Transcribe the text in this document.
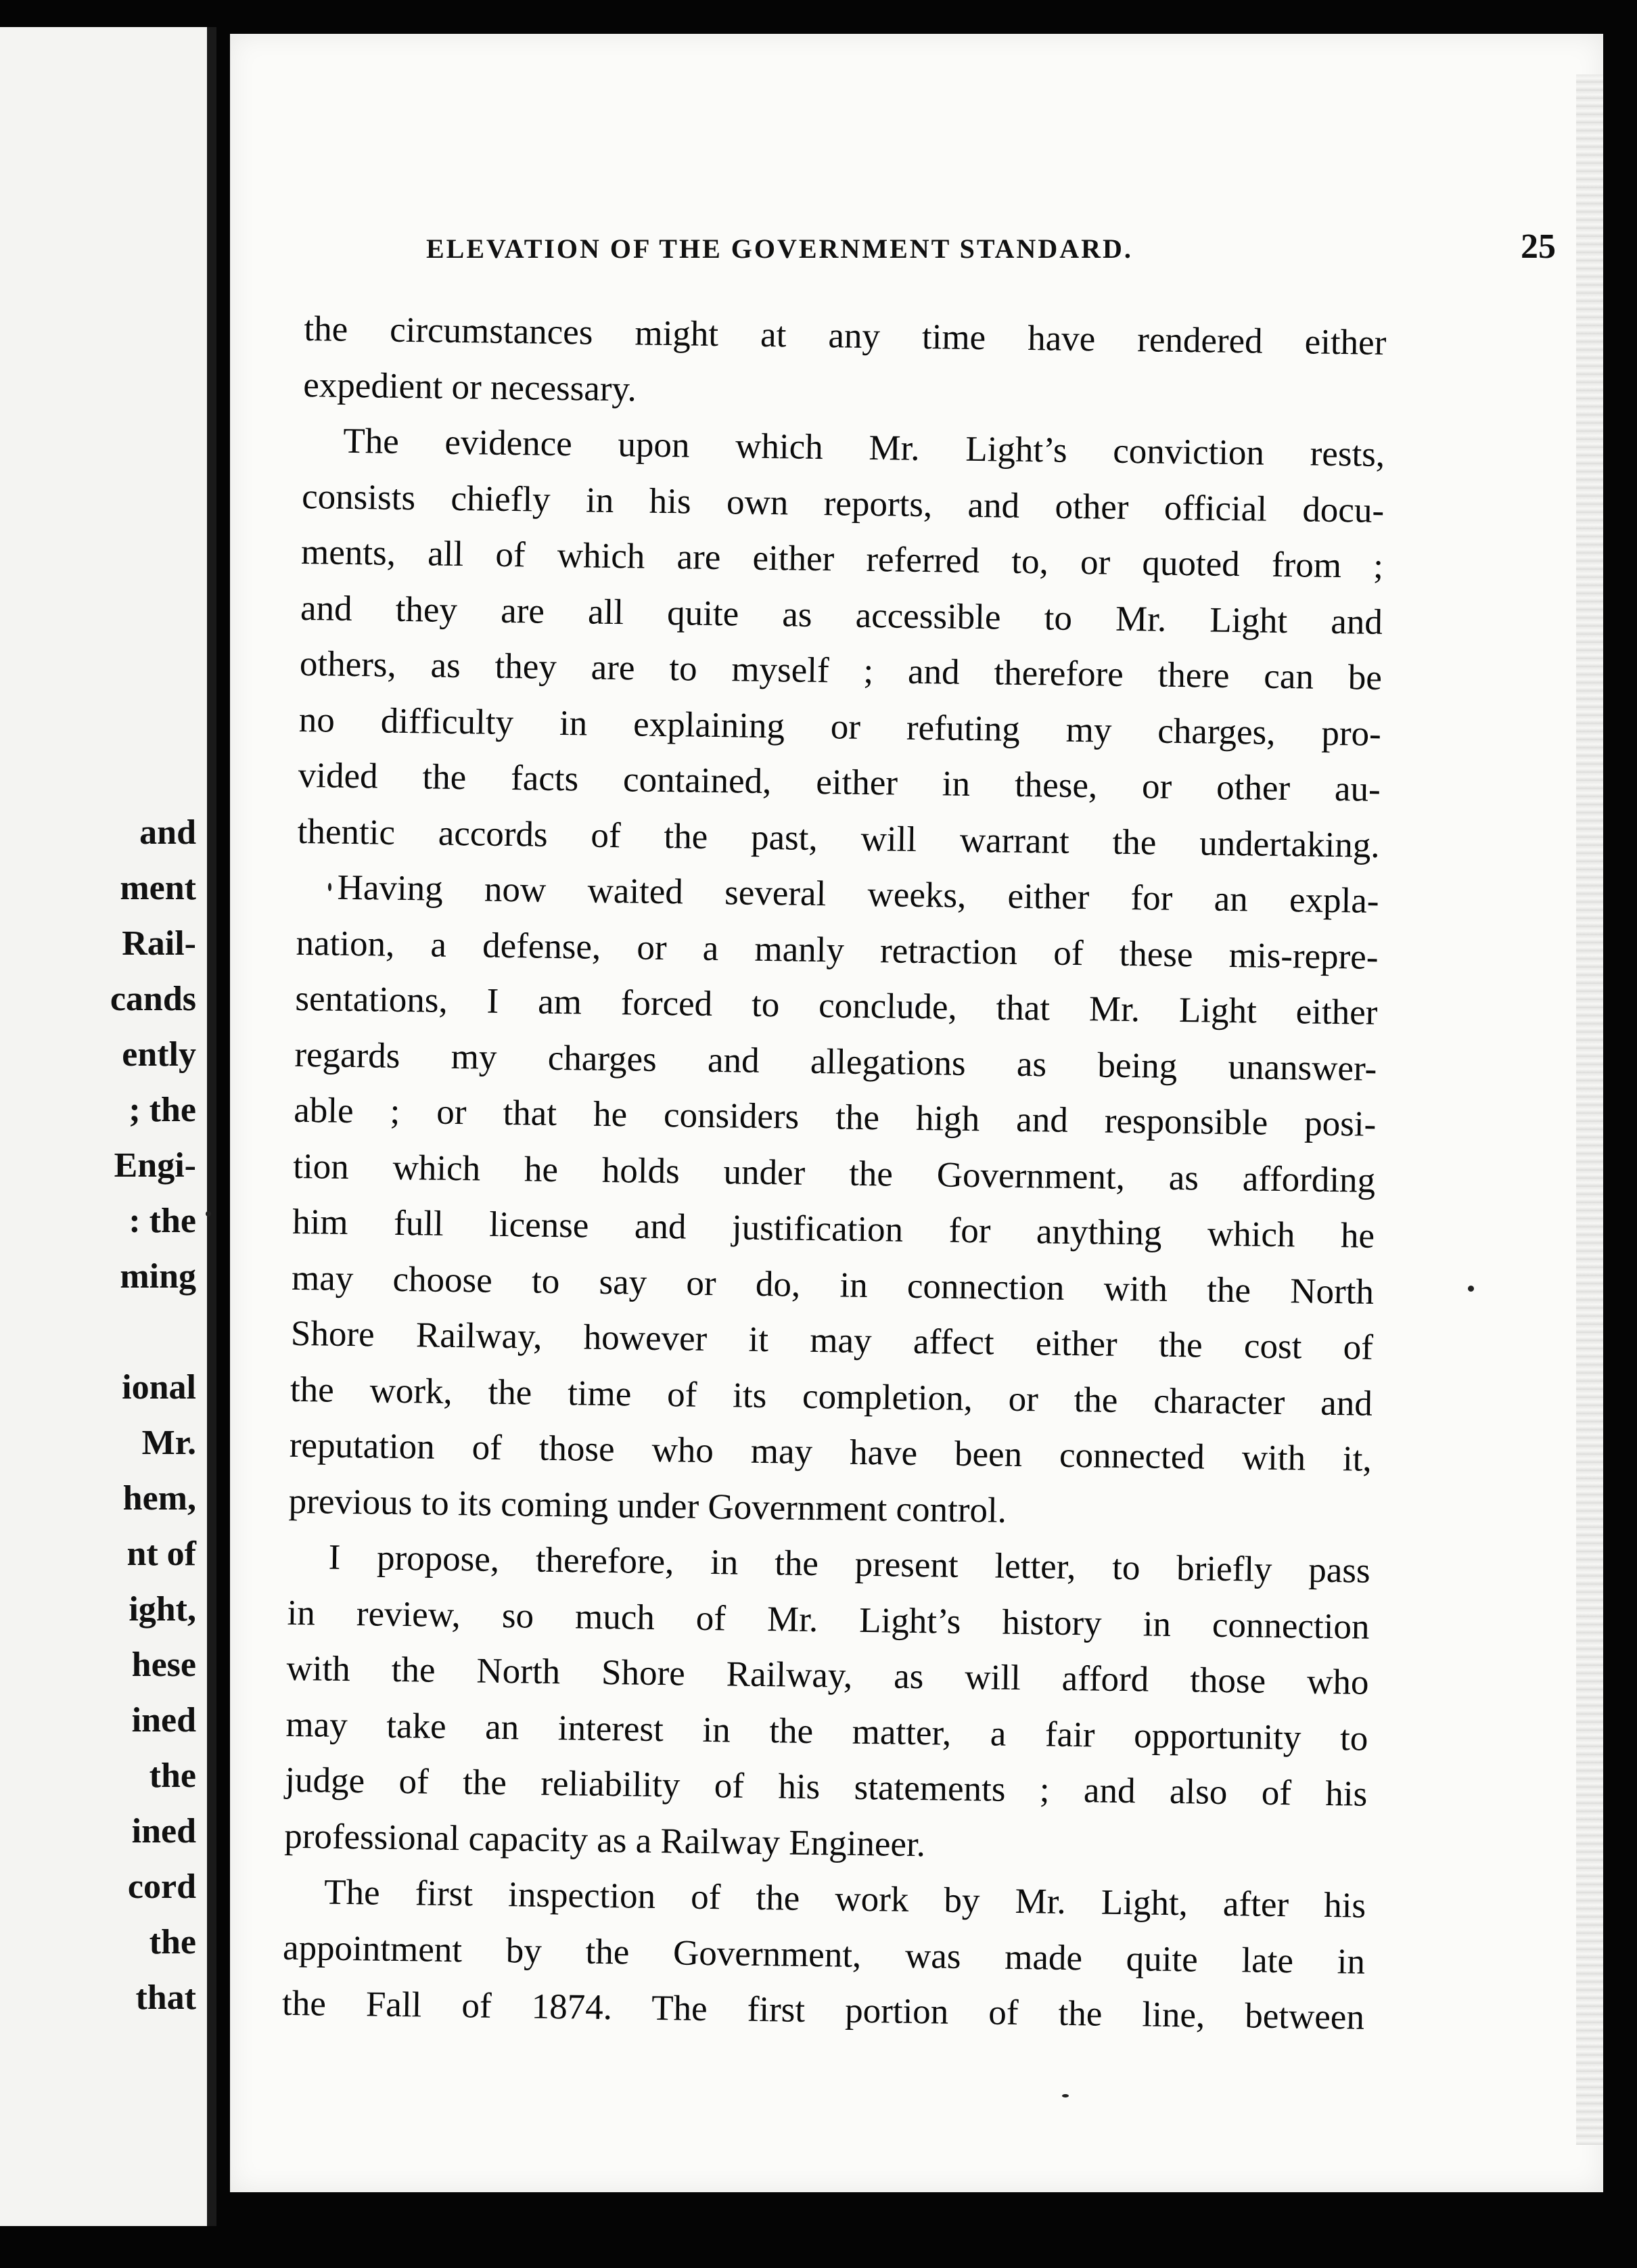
and
ment
Rail-
cands
ently
; the
Engi-
: the
ming
ional
Mr.
hem,
nt of
ight,
hese
ined
the
ined
cord
the
that
ELEVATION OF THE GOVERNMENT STANDARD.	25
the circumstances might at any time have rendered either
expedient or necessary.
The evidence upon which Mr. Light’s conviction rests,
consists chiefly in his own reports, and other official docu-
ments, all of which are either referred to, or quoted from ;
and they are all quite as accessible to Mr. Light and
others, as they are to myself ; and therefore there can be
no difficulty in explaining or refuting my charges, pro-
vided the facts contained, either in these, or other au-
thentic accords of the past, will warrant the undertaking.
Having now waited several weeks, either for an expla-
nation, a defense, or a manly retraction of these mis-repre-
sentations, I am forced to conclude, that Mr. Light either
regards my charges and allegations as being unanswer-
able ; or that he considers the high and responsible posi-
tion which he holds under the Government, as affording
him full license and justification for anything which he
may choose to say or do, in connection with the North
Shore Railway, however it may affect either the cost of
the work, the time of its completion, or the character and
reputation of those who may have been connected with it,
previous to its coming under Government control.
I propose, therefore, in the present letter, to briefly pass
in review, so much of Mr. Light’s history in connection
with the North Shore Railway, as will afford those who
may take an interest in the matter, a fair opportunity to
judge of the reliability of his statements ; and also of his
professional capacity as a Railway Engineer.
The first inspection of the work by Mr. Light, after his
appointment by the Government, was made quite late in
the Fall of 1874. The first portion of the line, between
